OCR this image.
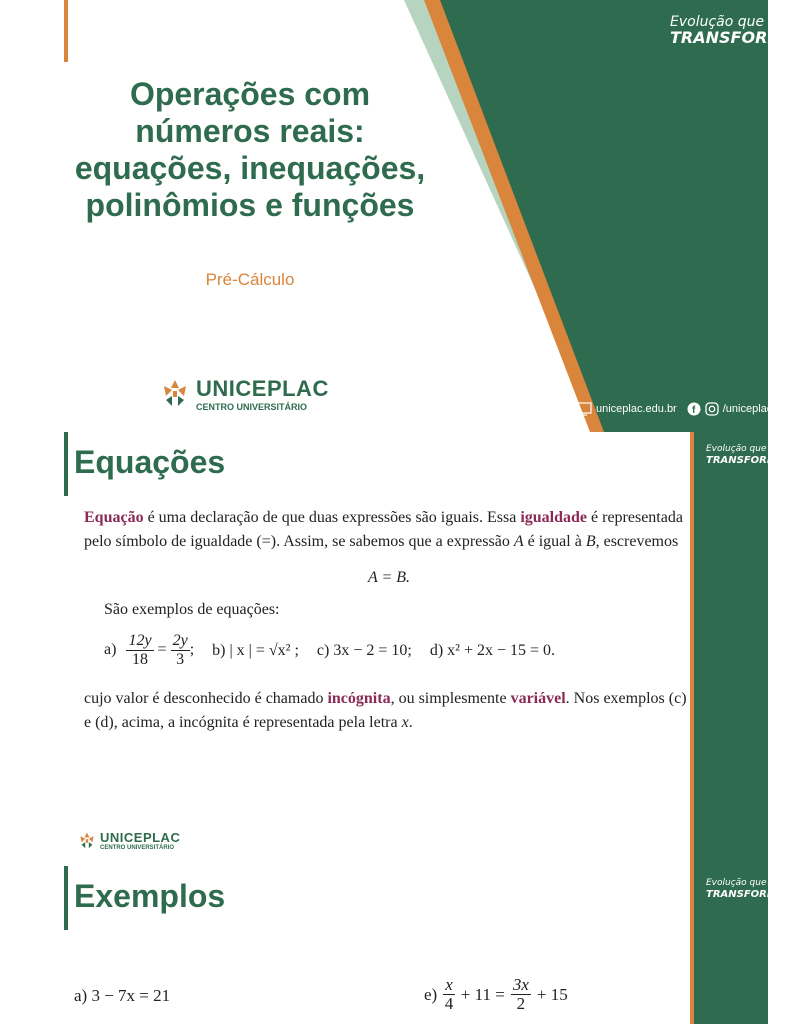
Operações com
números reais:
equações, inequações,
polinômios e funções
Pré-Cálculo
Evolução que
TRANSFORMA
UNICEPLAC
CENTRO UNIVERSITÁRIO	uniceplac.edu.br f	/uniceplac
Equações	Evolução que
TRANSFORMA
Equação é uma declaração de que duas expressões são iguais. Essa igualdade é representada pelo símbolo de igualdade (=). Assim, se sabemos que a expressão A é igual à B, escrevemos
A = B.
São exemplos de equações:
$a) \frac{12y}{18} = \frac{2y}{3}$ ; b) | x | = √x² ; c) 3x − 2 = 10; d) x² + 2x − 15 = 0.
cujo valor é desconhecido é chamado incógnita, ou simplesmente variável. Nos exemplos (c) e (d), acima, a incógnita é representada pela letra x.
UNICEPLAC
CENTRO UNIVERSITÁRIO
Exemplos	Evolução que
TRANSFORMA
a) 3 − 7x = 21	$e) \frac{x}{4} + 11 = \frac{3x}{2} + 15$
